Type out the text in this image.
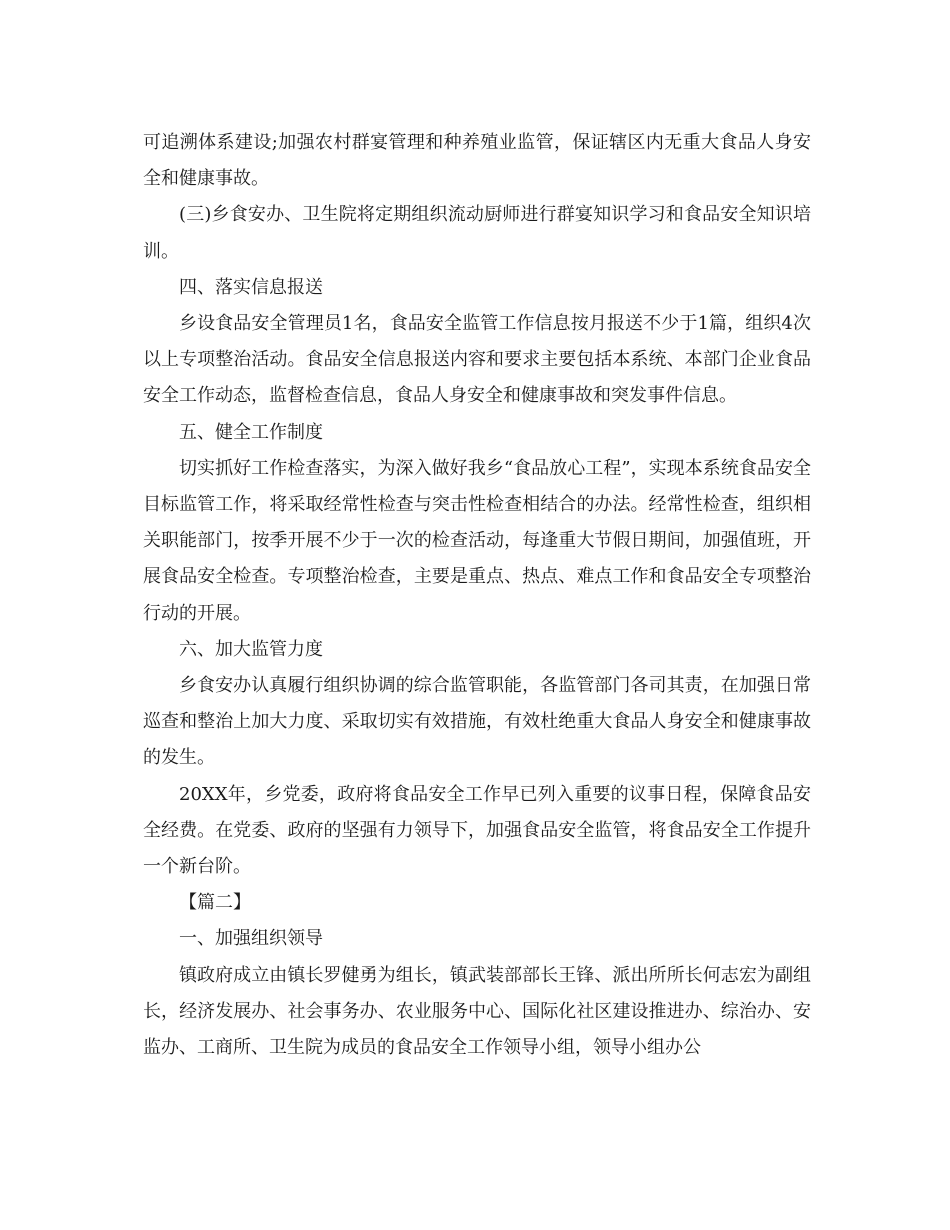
可追溯体系建设;加强农村群宴管理和种养殖业监管，保证辖区内无重大食品人身安全和健康事故。

(三)乡食安办、卫生院将定期组织流动厨师进行群宴知识学习和食品安全知识培训。

四、落实信息报送

乡设食品安全管理员1名，食品安全监管工作信息按月报送不少于1篇，组织4次以上专项整治活动。食品安全信息报送内容和要求主要包括本系统、本部门企业食品安全工作动态，监督检查信息，食品人身安全和健康事故和突发事件信息。

五、健全工作制度

切实抓好工作检查落实，为深入做好我乡“食品放心工程”，实现本系统食品安全目标监管工作，将采取经常性检查与突击性检查相结合的办法。经常性检查，组织相关职能部门，按季开展不少于一次的检查活动，每逢重大节假日期间，加强值班，开展食品安全检查。专项整治检查，主要是重点、热点、难点工作和食品安全专项整治行动的开展。

六、加大监管力度

乡食安办认真履行组织协调的综合监管职能，各监管部门各司其责，在加强日常巡查和整治上加大力度、采取切实有效措施，有效杜绝重大食品人身安全和健康事故的发生。

20XX年，乡党委，政府将食品安全工作早已列入重要的议事日程，保障食品安全经费。在党委、政府的坚强有力领导下，加强食品安全监管，将食品安全工作提升一个新台阶。

【篇二】

一、加强组织领导

镇政府成立由镇长罗健勇为组长，镇武装部部长王锋、派出所所长何志宏为副组长，经济发展办、社会事务办、农业服务中心、国际化社区建设推进办、综治办、安监办、工商所、卫生院为成员的食品安全工作领导小组，领导小组办公
